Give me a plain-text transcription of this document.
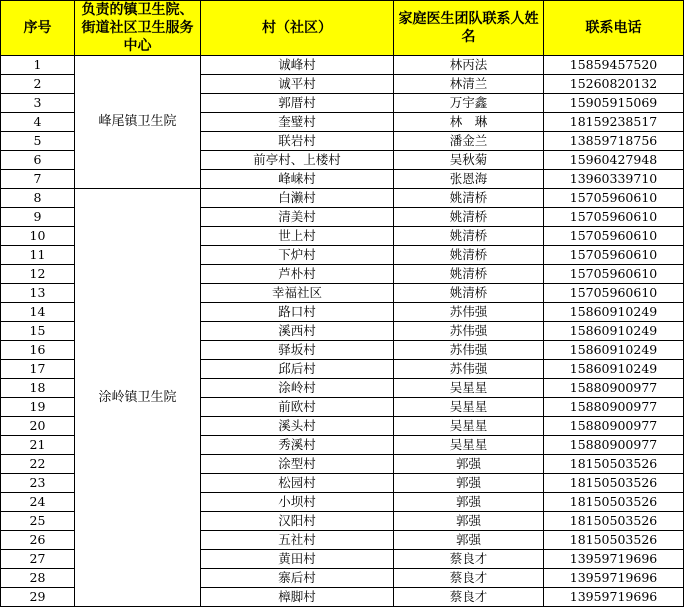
序号	负责的镇卫生院、街道社区卫生服务中心	村（社区）	家庭医生团队联系人姓名	联系电话
1	峰尾镇卫生院	诚峰村	林丙法	15859457520
2		诚平村	林清兰	15260820132
3		郭厝村	万宇鑫	15905915069
4		奎璧村	林　琳	18159238517
5		联岩村	潘金兰	13859718756
6		前亭村、上楼村	吴秋菊	15960427948
7		峰崃村	张恩海	13960339710
8	涂岭镇卫生院	白濑村	姚清桥	15705960610
9		清美村	姚清桥	15705960610
10		世上村	姚清桥	15705960610
11		下炉村	姚清桥	15705960610
12		芦朴村	姚清桥	15705960610
13		幸福社区	姚清桥	15705960610
14		路口村	苏伟强	15860910249
15		溪西村	苏伟强	15860910249
16		驿坂村	苏伟强	15860910249
17		邱后村	苏伟强	15860910249
18		涂岭村	吴星星	15880900977
19		前欧村	吴星星	15880900977
20		溪头村	吴星星	15880900977
21		秀溪村	吴星星	15880900977
22		涂型村	郭强	18150503526
23		松园村	郭强	18150503526
24		小坝村	郭强	18150503526
25		汉阳村	郭强	18150503526
26		五社村	郭强	18150503526
27		黄田村	蔡良才	13959719696
28		寨后村	蔡良才	13959719696
29		樟脚村	蔡良才	13959719696
